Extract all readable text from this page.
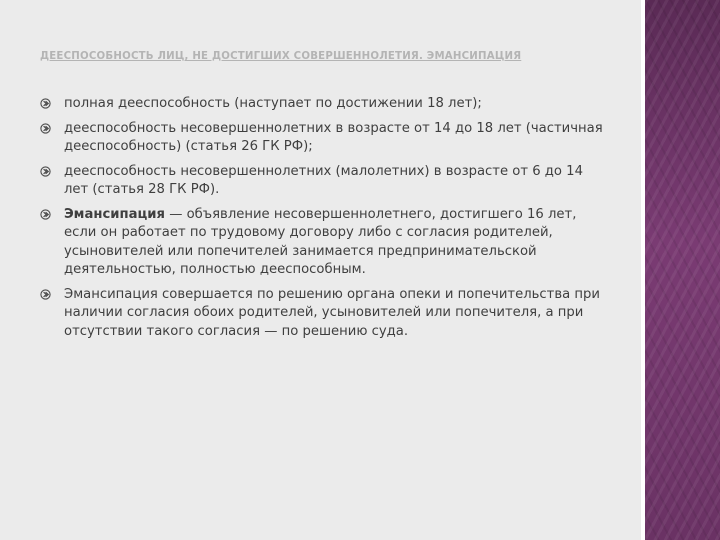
ДЕЕСПОСОБНОСТЬ ЛИЦ, НЕ ДОСТИГШИХ СОВЕРШЕННОЛЕТИЯ. ЭМАНСИПАЦИЯ
полная дееспособность (наступает по достижении 18 лет);
дееспособность несовершеннолетних в возрасте от 14 до 18 лет (частичная дееспособность) (статья 26 ГК РФ);
дееспособность несовершеннолетних (малолетних) в возрасте от 6 до 14 лет (статья 28 ГК РФ).
Эмансипация — объявление несовершеннолетнего, достигшего 16 лет, если он работает по трудовому договору либо с согласия родителей, усыновителей или попечителей занимается предпринимательской деятельностью, полностью дееспособным.
Эмансипация совершается по решению органа опеки и попечительства при наличии согласия обоих родителей, усыновителей или попечителя, а при отсутствии такого согласия — по решению суда.
